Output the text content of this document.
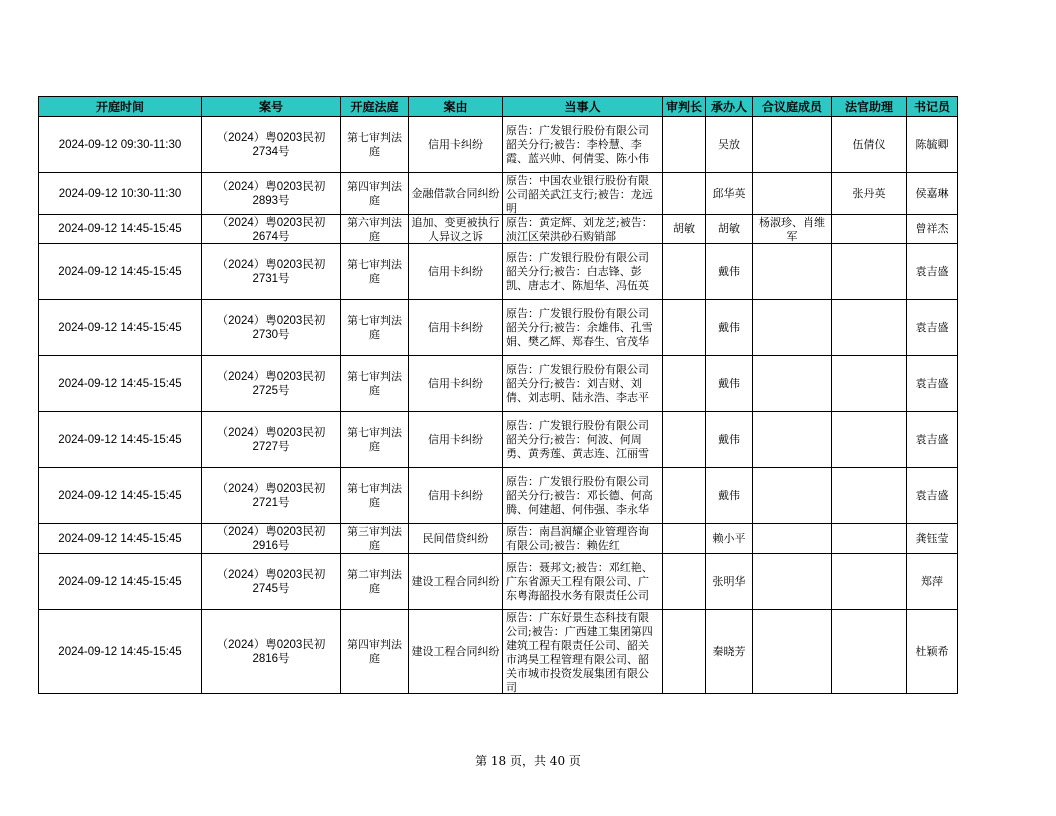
开庭时间	案号	开庭法庭	案由	当事人	审判长	承办人	合议庭成员	法官助理	书记员

2024-09-12 09:30-11:30	（2024）粤0203民初2734号	第七审判法庭	信用卡纠纷	原告：广发银行股份有限公司韶关分行;被告：李柃慧、李霞、蓝兴帅、何倩雯、陈小伟		吴放		伍倩仪	陈毓卿

2024-09-12 10:30-11:30	（2024）粤0203民初2893号	第四审判法庭	金融借款合同纠纷	原告：中国农业银行股份有限公司韶关武江支行;被告：龙远明		邱华英		张丹英	侯嘉琳

2024-09-12 14:45-15:45	（2024）粤0203民初2674号	第六审判法庭	追加、变更被执行人异议之诉	原告：黄定辉、刘龙芝;被告：浈江区荣洪砂石购销部	胡敏	胡敏	杨淑珍、肖维军		曾祥杰

2024-09-12 14:45-15:45	（2024）粤0203民初2731号	第七审判法庭	信用卡纠纷	原告：广发银行股份有限公司韶关分行;被告：白志锋、彭凯、唐志才、陈旭华、冯伍英		戴伟			袁吉盛

2024-09-12 14:45-15:45	（2024）粤0203民初2730号	第七审判法庭	信用卡纠纷	原告：广发银行股份有限公司韶关分行;被告：余雄伟、孔雪娟、樊乙辉、郑春生、官茂华		戴伟			袁吉盛

2024-09-12 14:45-15:45	（2024）粤0203民初2725号	第七审判法庭	信用卡纠纷	原告：广发银行股份有限公司韶关分行;被告：刘吉财、刘倩、刘志明、陆永浩、李志平		戴伟			袁吉盛

2024-09-12 14:45-15:45	（2024）粤0203民初2727号	第七审判法庭	信用卡纠纷	原告：广发银行股份有限公司韶关分行;被告：何波、何周勇、黄秀莲、黄志连、江丽雪		戴伟			袁吉盛

2024-09-12 14:45-15:45	（2024）粤0203民初2721号	第七审判法庭	信用卡纠纷	原告：广发银行股份有限公司韶关分行;被告：邓长德、何高腾、何建超、何伟强、李永华		戴伟			袁吉盛

2024-09-12 14:45-15:45	（2024）粤0203民初2916号	第三审判法庭	民间借贷纠纷	原告：南昌润耀企业管理咨询有限公司;被告：赖佐红		赖小平			龚钰莹

2024-09-12 14:45-15:45	（2024）粤0203民初2745号	第二审判法庭	建设工程合同纠纷	原告：聂邦文;被告：邓红艳、广东省源天工程有限公司、广东粤海韶投水务有限责任公司		张明华			郑萍

2024-09-12 14:45-15:45	（2024）粤0203民初2816号	第四审判法庭	建设工程合同纠纷	原告：广东好景生态科技有限公司;被告：广西建工集团第四建筑工程有限责任公司、韶关市鸿昊工程管理有限公司、韶关市城市投资发展集团有限公司		秦晓芳			杜颖希
第 18 页，共 40 页
